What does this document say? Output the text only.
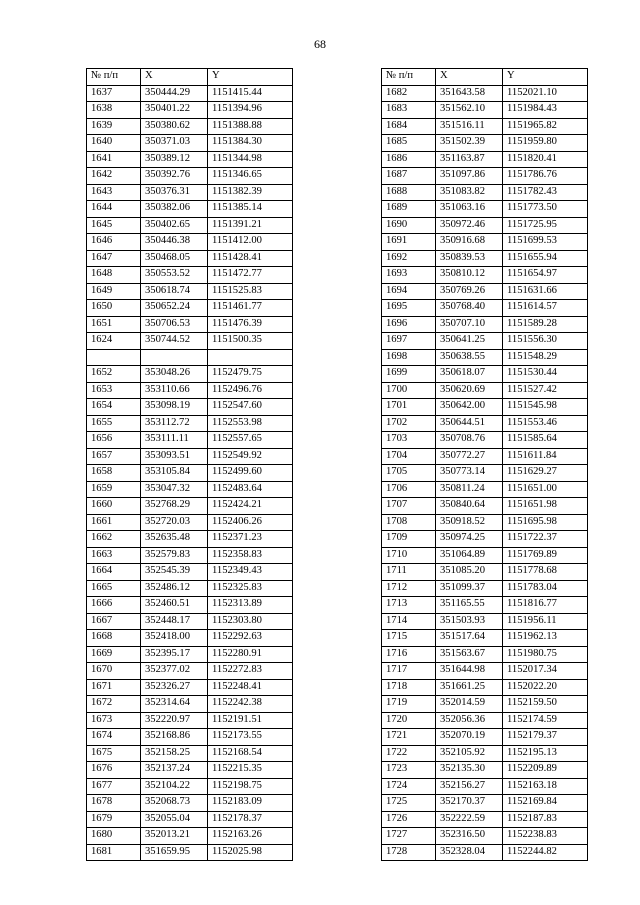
68
№ п/п	X	Y
1637	350444.29	1151415.44
1638	350401.22	1151394.96
1639	350380.62	1151388.88
1640	350371.03	1151384.30
1641	350389.12	1151344.98
1642	350392.76	1151346.65
1643	350376.31	1151382.39
1644	350382.06	1151385.14
1645	350402.65	1151391.21
1646	350446.38	1151412.00
1647	350468.05	1151428.41
1648	350553.52	1151472.77
1649	350618.74	1151525.83
1650	350652.24	1151461.77
1651	350706.53	1151476.39
1624	350744.52	1151500.35

1652	353048.26	1152479.75
1653	353110.66	1152496.76
1654	353098.19	1152547.60
1655	353112.72	1152553.98
1656	353111.11	1152557.65
1657	353093.51	1152549.92
1658	353105.84	1152499.60
1659	353047.32	1152483.64
1660	352768.29	1152424.21
1661	352720.03	1152406.26
1662	352635.48	1152371.23
1663	352579.83	1152358.83
1664	352545.39	1152349.43
1665	352486.12	1152325.83
1666	352460.51	1152313.89
1667	352448.17	1152303.80
1668	352418.00	1152292.63
1669	352395.17	1152280.91
1670	352377.02	1152272.83
1671	352326.27	1152248.41
1672	352314.64	1152242.38
1673	352220.97	1152191.51
1674	352168.86	1152173.55
1675	352158.25	1152168.54
1676	352137.24	1152215.35
1677	352104.22	1152198.75
1678	352068.73	1152183.09
1679	352055.04	1152178.37
1680	352013.21	1152163.26
1681	351659.95	1152025.98
№ п/п	X	Y
1682	351643.58	1152021.10
1683	351562.10	1151984.43
1684	351516.11	1151965.82
1685	351502.39	1151959.80
1686	351163.87	1151820.41
1687	351097.86	1151786.76
1688	351083.82	1151782.43
1689	351063.16	1151773.50
1690	350972.46	1151725.95
1691	350916.68	1151699.53
1692	350839.53	1151655.94
1693	350810.12	1151654.97
1694	350769.26	1151631.66
1695	350768.40	1151614.57
1696	350707.10	1151589.28
1697	350641.25	1151556.30
1698	350638.55	1151548.29
1699	350618.07	1151530.44
1700	350620.69	1151527.42
1701	350642.00	1151545.98
1702	350644.51	1151553.46
1703	350708.76	1151585.64
1704	350772.27	1151611.84
1705	350773.14	1151629.27
1706	350811.24	1151651.00
1707	350840.64	1151651.98
1708	350918.52	1151695.98
1709	350974.25	1151722.37
1710	351064.89	1151769.89
1711	351085.20	1151778.68
1712	351099.37	1151783.04
1713	351165.55	1151816.77
1714	351503.93	1151956.11
1715	351517.64	1151962.13
1716	351563.67	1151980.75
1717	351644.98	1152017.34
1718	351661.25	1152022.20
1719	352014.59	1152159.50
1720	352056.36	1152174.59
1721	352070.19	1152179.37
1722	352105.92	1152195.13
1723	352135.30	1152209.89
1724	352156.27	1152163.18
1725	352170.37	1152169.84
1726	352222.59	1152187.83
1727	352316.50	1152238.83
1728	352328.04	1152244.82
